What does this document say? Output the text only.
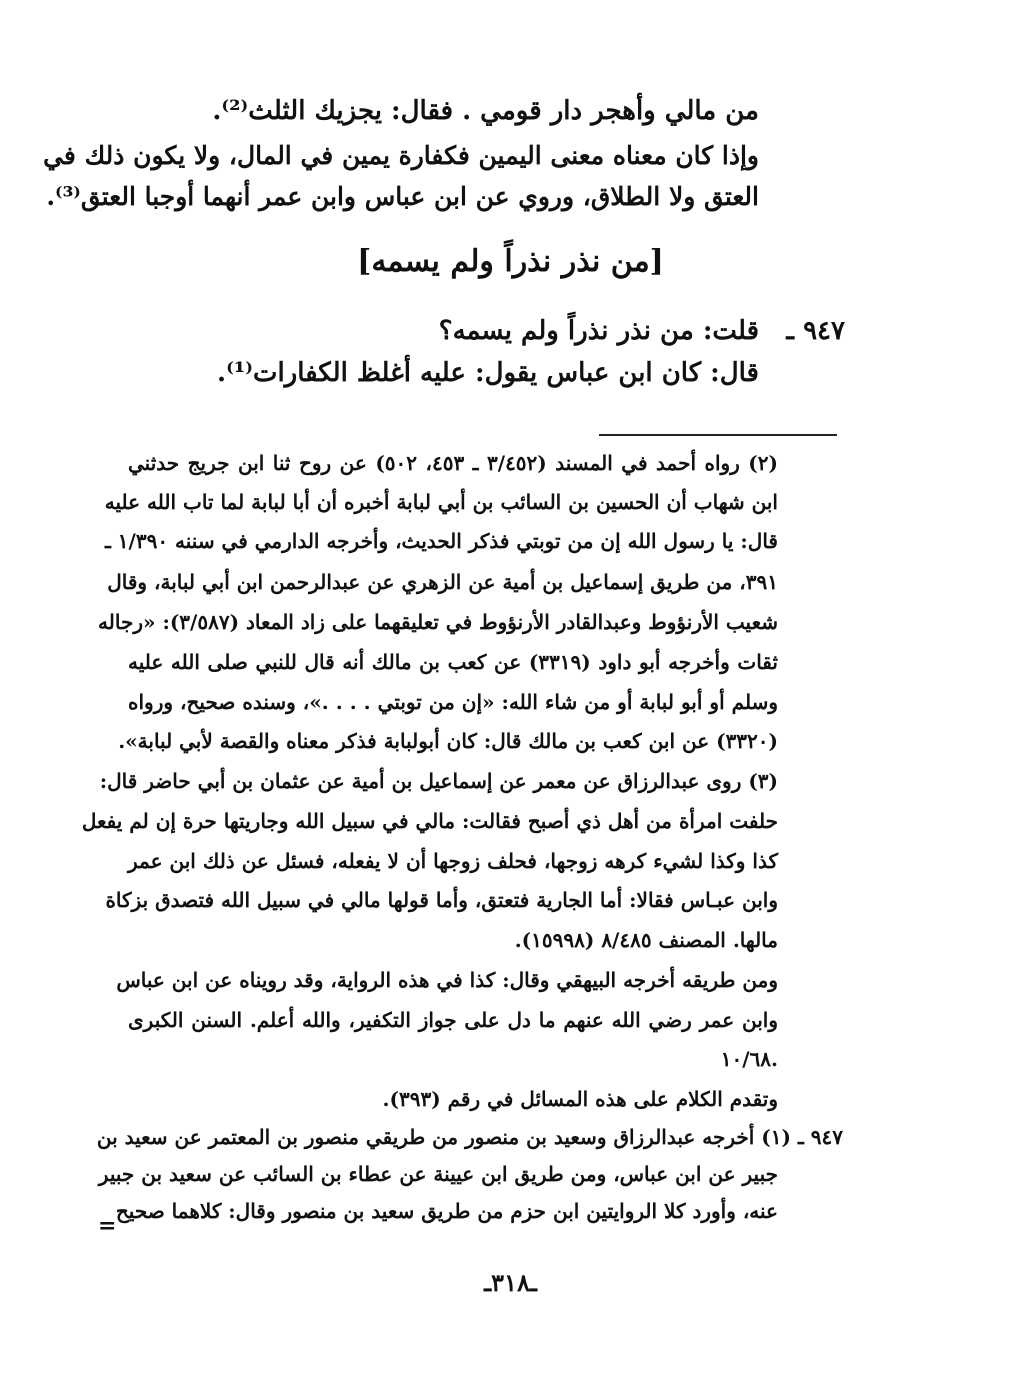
من مالي وأهجر دار قومي . فقال: يجزيك الثلث⁽²⁾.
وإذا كان معناه معنى اليمين فكفارة يمين في المال، ولا يكون ذلك في
العتق ولا الطلاق، وروي عن ابن عباس وابن عمر أنهما أوجبا العتق⁽³⁾.
[من نذر نذراً ولم يسمه]
٩٤٧ ـ
قلت: من نذر نذراً ولم يسمه؟
قال: كان ابن عباس يقول: عليه أغلظ الكفارات⁽¹⁾.
(٢) رواه أحمد في المسند (٣/٤٥٢ ـ ٤٥٣، ٥٠٢) عن روح ثنا ابن جريج حدثني
ابن شهاب أن الحسين بن السائب بن أبي لبابة أخبره أن أبا لبابة لما تاب الله عليه
قال: يا رسول الله إن من توبتي فذكر الحديث، وأخرجه الدارمي في سننه ١/٣٩٠ ـ
٣٩١، من طريق إسماعيل بن أمية عن الزهري عن عبدالرحمن ابن أبي لبابة، وقال
شعيب الأرنؤوط وعبدالقادر الأرنؤوط في تعليقهما على زاد المعاد (٣/٥٨٧): «رجاله
ثقات وأخرجه أبو داود (٣٣١٩) عن كعب بن مالك أنه قال للنبي صلى الله عليه
وسلم أو أبو لبابة أو من شاء الله: «إن من توبتي . . . .»، وسنده صحيح، ورواه
(٣٣٢٠) عن ابن كعب بن مالك قال: كان أبولبابة فذكر معناه والقصة لأبي لبابة».
(٣) روى عبدالرزاق عن معمر عن إسماعيل بن أمية عن عثمان بن أبي حاضر قال:
حلفت امرأة من أهل ذي أصبح فقالت: مالي في سبيل الله وجاريتها حرة إن لم يفعل
كذا وكذا لشيء كرهه زوجها، فحلف زوجها أن لا يفعله، فسئل عن ذلك ابن عمر
وابن عبـاس فقالا: أما الجارية فتعتق، وأما قولها مالي في سبيل الله فتصدق بزكاة
مالها. المصنف ٨/٤٨٥ (١٥٩٩٨).
ومن طريقه أخرجه البيهقي وقال: كذا في هذه الرواية، وقد رويناه عن ابن عباس
وابن عمر رضي الله عنهم ما دل على جواز التكفير، والله أعلم. السنن الكبرى
١٠/٦٨.
وتقدم الكلام على هذه المسائل في رقم (٣٩٣).
٩٤٧ ـ (١) أخرجه عبدالرزاق وسعيد بن منصور من طريقي منصور بن المعتمر عن سعيد بن
جبير عن ابن عباس، ومن طريق ابن عيينة عن عطاء بن السائب عن سعيد بن جبير
عنه، وأورد كلا الروايتين ابن حزم من طريق سعيد بن منصور وقال: كلاهما صحيح
=
ـ٣١٨ـ
